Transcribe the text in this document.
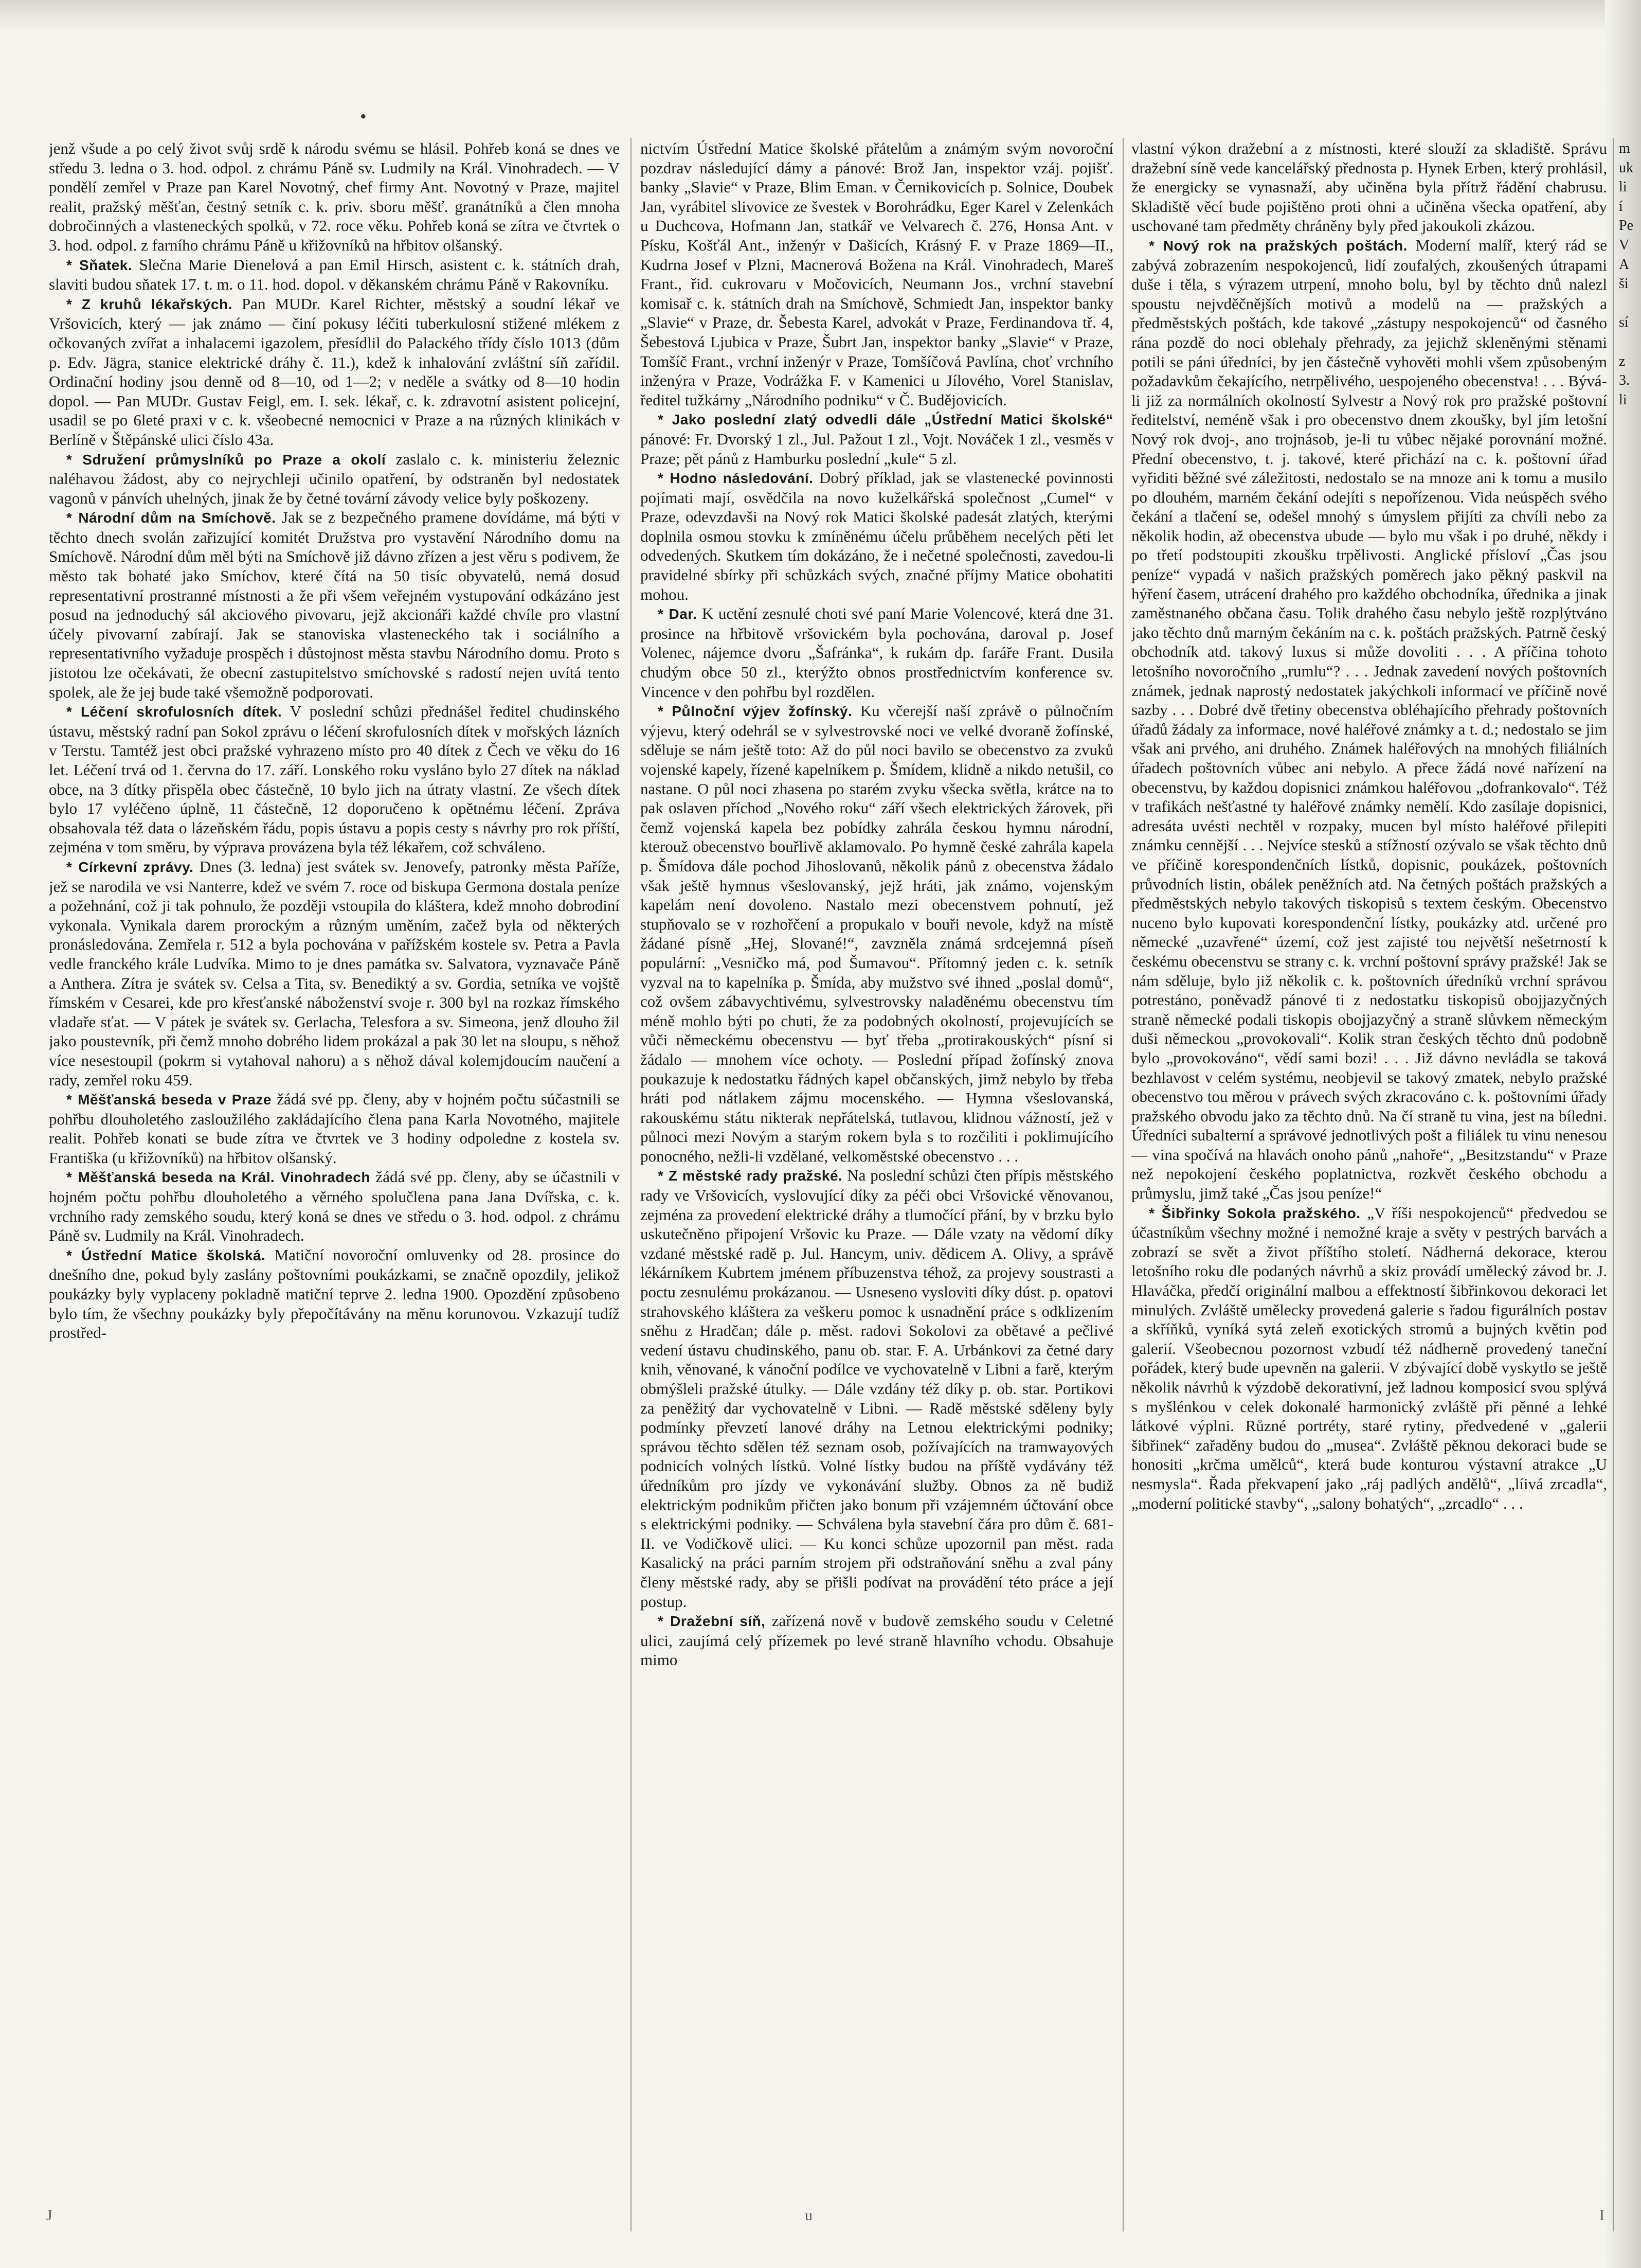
•

jenž všude a po celý život svůj srdě k národu svému se hlásil. Pohřeb koná se dnes ve středu 3. ledna o 3. hod. odpol. z chrámu Páně sv. Ludmily na Král. Vinohradech. — V pondělí zemřel v Praze pan Karel Novotný, chef firmy Ant. Novotný v Praze, majitel realit, pražský měšťan, čestný setník c. k. priv. sboru měšť. granátníků a člen mnoha dobročinných a vlasteneckých spolků, v 72. roce věku. Pohřeb koná se zítra ve čtvrtek o 3. hod. odpol. z farního chrámu Páně u křižovníků na hřbitov olšanský.

* Sňatek. Slečna Marie Dienelová a pan Emil Hirsch, asistent c. k. státních drah, slaviti budou sňatek 17. t. m. o 11. hod. dopol. v děkanském chrámu Páně v Rakovníku.

* Z kruhů lékařských. Pan MUDr. Karel Richter, městský a soudní lékař ve Vršovicích, který — jak známo — činí pokusy léčiti tuberkulosní stižené mlékem z očkovaných zvířat a inhalacemi igazolem, přesídlil do Palackého třídy číslo 1013 (dům p. Edv. Jägra, stanice elektrické dráhy č. 11.), kdež k inhalování zvláštní síň zařídil. Ordinační hodiny jsou denně od 8—10, od 1—2; v neděle a svátky od 8—10 hodin dopol. — Pan MUDr. Gustav Feigl, em. I. sek. lékař, c. k. zdravotní asistent policejní, usadil se po 6leté praxi v c. k. všeobecné nemocnici v Praze a na různých klinikách v Berlíně v Štěpánské ulici číslo 43a.

* Sdružení průmyslníků po Praze a okolí zaslalo c. k. ministeriu železnic naléhavou žádost, aby co nejrychleji učinilo opatření, by odstraněn byl nedostatek vagonů v pánvích uhelných, jinak že by četné tovární závody velice byly poškozeny.

* Národní dům na Smíchově. Jak se z bezpečného pramene dovídáme, má býti v těchto dnech svolán zařizující komitét Družstva pro vystavění Národního domu na Smíchově. Národní dům měl býti na Smíchově již dávno zřízen a jest věru s podivem, že město tak bohaté jako Smíchov, které čítá na 50 tisíc obyvatelů, nemá dosud representativní prostranné místnosti a že při všem veřejném vystupování odkázáno jest posud na jednoduchý sál akciového pivovaru, jejž akcionáři každé chvíle pro vlastní účely pivovarní zabírají. Jak se stanoviska vlasteneckého tak i sociálního a representativního vyžaduje prospěch i důstojnost města stavbu Národního domu. Proto s jistotou lze očekávati, že obecní zastupitelstvo smíchovské s radostí nejen uvítá tento spolek, ale že jej bude také všemožně podporovati.

* Léčení skrofulosních dítek. V poslední schůzi přednášel ředitel chudinského ústavu, městský radní pan Sokol zprávu o léčení skrofulosních dítek v mořských lázních v Terstu. Tamtéž jest obci pražské vyhrazeno místo pro 40 dítek z Čech ve věku do 16 let. Léčení trvá od 1. června do 17. září. Lonského roku vysláno bylo 27 dítek na náklad obce, na 3 dítky přispěla obec částečně, 10 bylo jich na útraty vlastní. Ze všech dítek bylo 17 vyléčeno úplně, 11 částečně, 12 doporučeno k opětnému léčení. Zpráva obsahovala též data o lázeňském řádu, popis ústavu a popis cesty s návrhy pro rok příští, zejména v tom směru, by výprava provázena byla též lékařem, což schváleno.

* Církevní zprávy. Dnes (3. ledna) jest svátek sv. Jenovefy, patronky města Paříže, jež se narodila ve vsi Nanterre, kdež ve svém 7. roce od biskupa Germona dostala peníze a požehnání, což ji tak pohnulo, že později vstoupila do kláštera, kdež mnoho dobrodiní vykonala. Vynikala darem prorockým a různým uměním, začež byla od některých pronásledována. Zemřela r. 512 a byla pochována v pařížském kostele sv. Petra a Pavla vedle franckého krále Ludvíka. Mimo to je dnes památka sv. Salvatora, vyznavače Páně a Anthera. Zítra je svátek sv. Celsa a Tita, sv. Benediktý a sv. Gordia, setníka ve vojště římském v Cesarei, kde pro křesťanské náboženství svoje r. 300 byl na rozkaz římského vladaře sťat. — V pátek je svátek sv. Gerlacha, Telesfora a sv. Simeona, jenž dlouho žil jako poustevník, při čemž mnoho dobrého lidem prokázal a pak 30 let na sloupu, s něhož více nesestoupil (pokrm si vytahoval nahoru) a s něhož dával kolemjdoucím naučení a rady, zemřel roku 459.

* Měšťanská beseda v Praze žádá své pp. členy, aby v hojném počtu súčastnili se pohřbu dlouholetého zasloužilého zakládajícího člena pana Karla Novotného, majitele realit. Pohřeb konati se bude zítra ve čtvrtek ve 3 hodiny odpoledne z kostela sv. Františka (u křižovníků) na hřbitov olšanský.

* Měšťanská beseda na Král. Vinohradech žádá své pp. členy, aby se účastnili v hojném počtu pohřbu dlouholetého a věrného spolučlena pana Jana Dvířska, c. k. vrchního rady zemského soudu, který koná se dnes ve středu o 3. hod. odpol. z chrámu Páně sv. Ludmily na Král. Vinohradech.

* Ústřední Matice školská. Matiční novoroční omluvenky od 28. prosince do dnešního dne, pokud byly zaslány poštovními poukázkami, se značně opozdily, jelikož poukázky byly vyplaceny pokladně matiční teprve 2. ledna 1900. Opozdění způsobeno bylo tím, že všechny poukázky byly přepočítávány na měnu korunovou. Vzkazují tudíž prostřed-

nictvím Ústřední Matice školské přátelům a známým svým novoroční pozdrav následující dámy a pánové: Brož Jan, inspektor vzáj. pojišť. banky „Slavie“ v Praze, Blim Eman. v Černikovicích p. Solnice, Doubek Jan, vyrábitel slivovice ze švestek v Borohrádku, Eger Karel v Zelenkách u Duchcova, Hofmann Jan, statkář ve Velvarech č. 276, Honsa Ant. v Písku, Košťál Ant., inženýr v Dašicích, Krásný F. v Praze 1869—II., Kudrna Josef v Plzni, Macnerová Božena na Král. Vinohradech, Mareš Frant., řid. cukrovaru v Močovicích, Neumann Jos., vrchní stavební komisař c. k. státních drah na Smíchově, Schmiedt Jan, inspektor banky „Slavie“ v Praze, dr. Šebesta Karel, advokát v Praze, Ferdinandova tř. 4, Šebestová Ljubica v Praze, Šubrt Jan, inspektor banky „Slavie“ v Praze, Tomšíč Frant., vrchní inženýr v Praze, Tomšíčová Pavlína, choť vrchního inženýra v Praze, Vodrážka F. v Kamenici u Jílového, Vorel Stanislav, ředitel tužkárny „Národního podniku“ v Č. Budějovicích.

* Jako poslední zlatý odvedli dále „Ústřední Matici školské“ pánové: Fr. Dvorský 1 zl., Jul. Pažout 1 zl., Vojt. Nováček 1 zl., vesměs v Praze; pět pánů z Hamburku poslední „kule“ 5 zl.

* Hodno následování. Dobrý příklad, jak se vlastenecké povinnosti pojímati mají, osvědčila na novo kuželkářská společnost „Cumel“ v Praze, odevzdavši na Nový rok Matici školské padesát zlatých, kterými doplnila osmou stovku k zmíněnému účelu průběhem necelých pěti let odvedených. Skutkem tím dokázáno, že i nečetné společnosti, zavedou-li pravidelné sbírky při schůzkách svých, značné příjmy Matice obohatiti mohou.

* Dar. K uctění zesnulé choti své paní Marie Volencové, která dne 31. prosince na hřbitově vršovickém byla pochována, daroval p. Josef Volenec, nájemce dvoru „Šafránka“, k rukám dp. faráře Frant. Dusila chudým obce 50 zl., kterýžto obnos prostřednictvím konference sv. Vincence v den pohřbu byl rozdělen.

* Půlnoční výjev žofínský. Ku včerejší naší zprávě o půlnočním výjevu, který odehrál se v sylvestrovské noci ve velké dvoraně žofínské, sděluje se nám ještě toto: Až do půl noci bavilo se obecenstvo za zvuků vojenské kapely, řízené kapelníkem p. Šmídem, klidně a nikdo netušil, co nastane. O půl noci zhasena po starém zvyku všecka světla, krátce na to pak oslaven příchod „Nového roku“ září všech elektrických žárovek, při čemž vojenská kapela bez pobídky zahrála českou hymnu národní, kterouž obecenstvo bouřlivě aklamovalo. Po hymně české zahrála kapela p. Šmídova dále pochod Jihoslovanů, několik pánů z obecenstva žádalo však ještě hymnus všeslovanský, jejž hráti, jak známo, vojenským kapelám není dovoleno. Nastalo mezi obecenstvem pohnutí, jež stupňovalo se v rozhořčení a propukalo v bouři nevole, když na místě žádané písně „Hej, Slované!“, zavzněla známá srdcejemná píseň populární: „Vesničko má, pod Šumavou“. Přítomný jeden c. k. setník vyzval na to kapelníka p. Šmída, aby mužstvo své ihned „poslal domů“, což ovšem zábavychtivému, sylvestrovsky naladěnému obecenstvu tím méně mohlo býti po chuti, že za podobných okolností, projevujících se vůči německému obecenstvu — byť třeba „protirakouských“ písní si žádalo — mnohem více ochoty. — Poslední případ žofínský znova poukazuje k nedostatku řádných kapel občanských, jimž nebylo by třeba hráti pod nátlakem zájmu mocenského. — Hymna všeslovanská, rakouskému státu nikterak nepřátelská, tutlavou, klidnou vážností, jež v půlnoci mezi Novým a starým rokem byla s to rozčiliti i poklimujícího ponocného, nežli-li vzdělané, velkoměstské obecenstvo . . .

* Z městské rady pražské. Na poslední schůzi čten přípis městského rady ve Vršovicích, vyslovující díky za péči obci Vršovické věnovanou, zejména za provedení elektrické dráhy a tlumočící přání, by v brzku bylo uskutečněno připojení Vršovic ku Praze. — Dále vzaty na vědomí díky vzdané městské radě p. Jul. Hancym, univ. dědicem A. Olivy, a správě lékárníkem Kubrtem jménem příbuzenstva téhož, za projevy soustrasti a poctu zesnulému prokázanou. — Usneseno vysloviti díky dúst. p. opatovi strahovského kláštera za veškeru pomoc k usnadnění práce s odklizením sněhu z Hradčan; dále p. měst. radovi Sokolovi za obětavé a pečlivé vedení ústavu chudinského, panu ob. star. F. A. Urbánkovi za četné dary knih, věnované, k vánoční podílce ve vychovatelně v Libni a farě, kterým obmýšleli pražské útulky. — Dále vzdány též díky p. ob. star. Portikovi za peněžitý dar vychovatelně v Libni. — Radě městské sděleny byly podmínky převzetí lanové dráhy na Letnou elektrickými podniky; správou těchto sdělen též seznam osob, požívajících na tramwayových podnicích volných lístků. Volné lístky budou na příště vydávány též úředníkům pro jízdy ve vykonávání služby. Obnos za ně budiž elektrickým podnikům přičten jako bonum při vzájemném účtování obce s elektrickými podniky. — Schválena byla stavební čára pro dům č. 681-II. ve Vodičkově ulici. — Ku konci schůze upozornil pan měst. rada Kasalický na práci parním strojem při odstraňování sněhu a zval pány členy městské rady, aby se přišli podívat na provádění této práce a její postup.

* Dražební síň, zařízená nově v budově zemského soudu v Celetné ulici, zaujímá celý přízemek po levé straně hlavního vchodu. Obsahuje mimo

vlastní výkon dražební a z místnosti, které slouží za skladiště. Správu dražební síně vede kancelářský přednosta p. Hynek Erben, který prohlásil, že energicky se vynasnaží, aby učiněna byla přítrž řádění chabrusu. Skladiště věcí bude pojištěno proti ohni a učiněna všecka opatření, aby uschované tam předměty chráněny byly před jakoukoli zkázou.

* Nový rok na pražských poštách. Moderní malíř, který rád se zabývá zobrazením nespokojenců, lidí zoufalých, zkoušených útrapami duše i těla, s výrazem utrpení, mnoho bolu, byl by těchto dnů nalezl spoustu nejvděčnějších motivů a modelů na — pražských a předměstských poštách, kde takové „zástupy nespokojenců“ od časného rána pozdě do noci oblehaly přehrady, za jejichž skleněnými stěnami potili se páni úředníci, by jen částečně vyhověti mohli všem způsobeným požadavkům čekajícího, netrpělivého, uespojeného obecenstva! . . . Bývá-li již za normálních okolností Sylvestr a Nový rok pro pražské poštovní ředitelství, neméně však i pro obecenstvo dnem zkoušky, byl jím letošní Nový rok dvoj-, ano trojnásob, je-li tu vůbec nějaké porovnání možné. Přední obecenstvo, t. j. takové, které přichází na c. k. poštovní úřad vyřiditi běžné své záležitosti, nedostalo se na mnoze ani k tomu a musilo po dlouhém, marném čekání odejíti s nepořízenou. Vida neúspěch svého čekání a tlačení se, odešel mnohý s úmyslem přijíti za chvíli nebo za několik hodin, až obecenstva ubude — bylo mu však i po druhé, někdy i po třetí podstoupiti zkoušku trpělivosti. Anglické přísloví „Čas jsou peníze“ vypadá v našich pražských poměrech jako pěkný paskvil na hýření časem, utrácení drahého pro každého obchodníka, úřednika a jinak zaměstnaného občana času. Tolik drahého času nebylo ještě rozplýtváno jako těchto dnů marným čekáním na c. k. poštách pražských. Patrně český obchodník atd. takový luxus si může dovoliti . . . A příčina tohoto letošního novoročního „rumlu“? . . . Jednak zavedení nových poštovních známek, jednak naprostý nedostatek jakýchkoli informací ve příčině nové sazby . . . Dobré dvě třetiny obecenstva obléhajícího přehrady poštovních úřadů žádaly za informace, nové haléřové známky a t. d.; nedostalo se jim však ani prvého, ani druhého. Známek haléřových na mnohých filiálních úřadech poštovních vůbec ani nebylo. A přece žádá nové nařízení na obecenstvu, by každou dopisnici známkou haléřovou „dofrankovalo“. Též v trafikách nešťastné ty haléřové známky nemělí. Kdo zasílaje dopisnici, adresáta uvésti nechtěl v rozpaky, mucen byl místo haléřové přilepiti známku cennější . . . Nejvíce stesků a stížností ozývalo se však těchto dnů ve příčině korespondenčních lístků, dopisnic, poukázek, poštovních průvodních listin, obálek peněžních atd. Na četných poštách pražských a předměstských nebylo takových tiskopisů s textem českým. Obecenstvo nuceno bylo kupovati korespondenční lístky, poukázky atd. určené pro německé „uzavřené“ území, což jest zajisté tou největší nešetrností k českému obecenstvu se strany c. k. vrchní poštovní správy pražské! Jak se nám sděluje, bylo již několik c. k. poštovních úředníků vrchní správou potrestáno, poněvadž pánové ti z nedostatku tiskopisů obojjazyčných straně německé podali tiskopis obojjazyčný a straně slůvkem německým duši německou „provokovali“. Kolik stran českých těchto dnů podobně bylo „provokováno“, vědí sami bozi! . . . Již dávno nevládla se taková bezhlavost v celém systému, neobjevil se takový zmatek, nebylo pražské obecenstvo tou měrou v právech svých zkracováno c. k. poštovními úřady pražského obvodu jako za těchto dnů. Na čí straně tu vina, jest na bíledni. Úředníci subalterní a správové jednotlivých pošt a filiálek tu vinu nenesou — vina spočívá na hlavách onoho pánů „nahoře“, „Besitzstandu“ v Praze než nepokojení českého poplatnictva, rozkvět českého obchodu a průmyslu, jimž také „Čas jsou peníze!“

* Šibřinky Sokola pražského. „V říši nespokojenců“ předvedou se účastníkům všechny možné i nemožné kraje a světy v pestrých barvách a zobrazí se svět a život příštího století. Nádherná dekorace, kterou letošního roku dle podaných návrhů a skiz provádí umělecký závod br. J. Hlaváčka, předčí originální malbou a effektností šibřinkovou dekoraci let minulých. Zvláště umělecky provedená galerie s řadou figurálních postav a skříňků, vyníká sytá zeleň exotických stromů a bujných květin pod galerií. Všeobecnou pozornost vzbudí též nádherně provedený taneční pořádek, který bude upevněn na galerii. V zbývající době vyskytlo se ještě několik návrhů k výzdobě dekorativní, jež ladnou komposicí svou splývá s myšlénkou v celek dokonalé harmonický zvláště při pěnné a lehké látkové výplni. Různé portréty, staré rytiny, předvedené v „galerii šibřinek“ zařaděny budou do „musea“. Zvláště pěknou dekoraci bude se honositi „krčma umělců“, která bude konturou výstavní atrakce „U nesmysla“. Řada překvapení jako „ráj padlých andělů“, „líivá zrcadla“, „moderní politické stavby“, „salony bohatých“, „zrcadlo“ . . .

m
uk
li
í
Pe
V
A
ši

sí

z
3.
li

J	u	I
